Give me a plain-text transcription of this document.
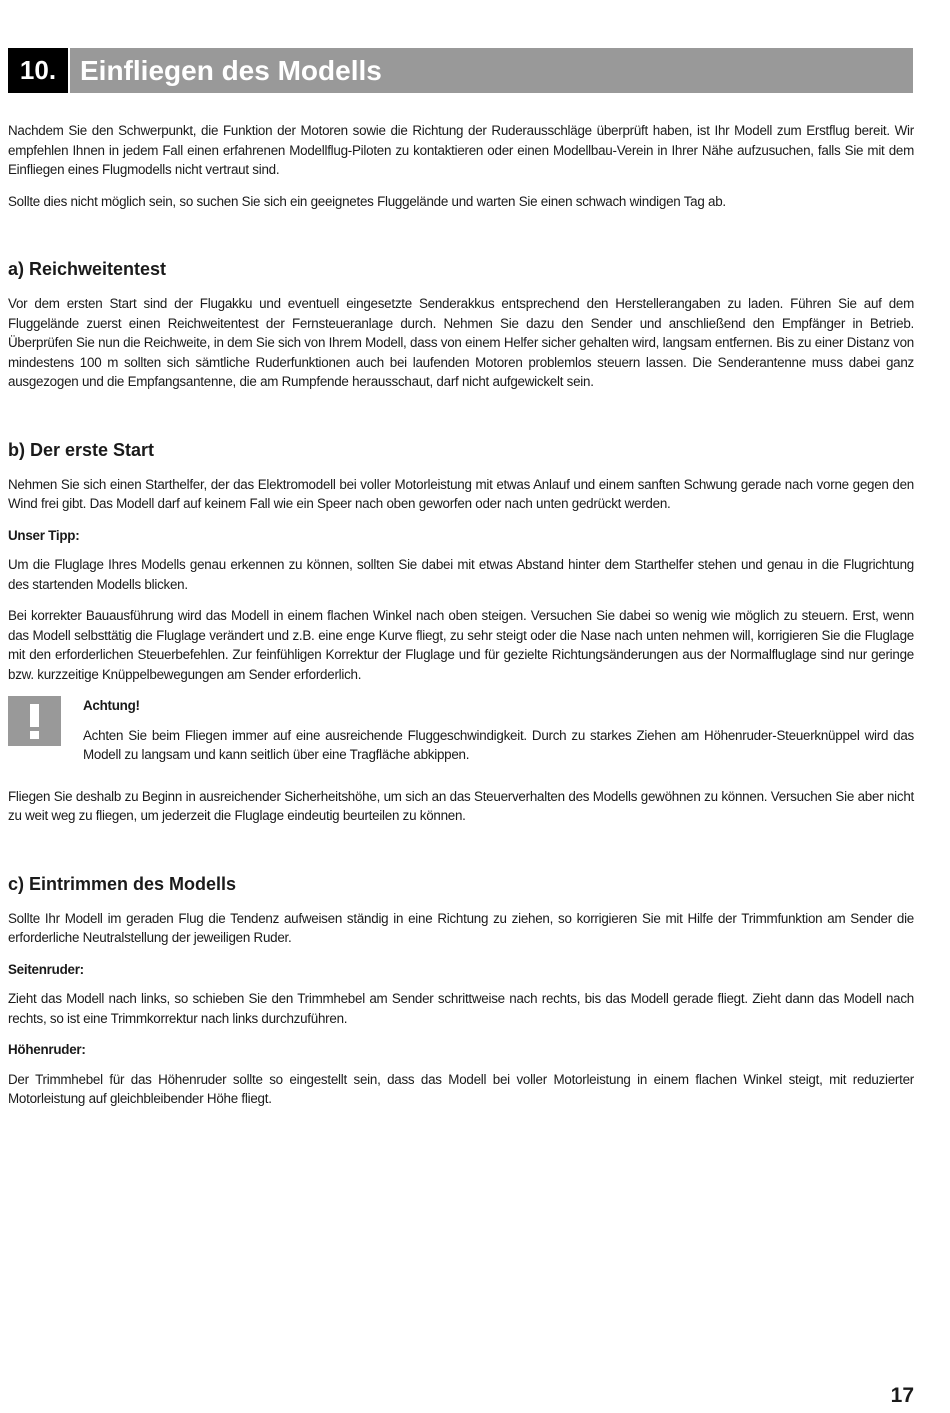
10. Einfliegen des Modells

Nachdem Sie den Schwerpunkt, die Funktion der Motoren sowie die Richtung der Ruderausschläge überprüft haben, ist Ihr Modell zum Erstflug bereit. Wir empfehlen Ihnen in jedem Fall einen erfahrenen Modellflug-Piloten zu kontaktieren oder einen Modellbau-Verein in Ihrer Nähe aufzusuchen, falls Sie mit dem Einfliegen eines Flugmodells nicht vertraut sind.

Sollte dies nicht möglich sein, so suchen Sie sich ein geeignetes Fluggelände und warten Sie einen schwach windigen Tag ab.

a) Reichweitentest

Vor dem ersten Start sind der Flugakku und eventuell eingesetzte Senderakkus entsprechend den Herstellerangaben zu laden. Führen Sie auf dem Fluggelände zuerst einen Reichweitentest der Fernsteueranlage durch. Nehmen Sie dazu den Sender und anschließend den Empfänger in Betrieb. Überprüfen Sie nun die Reichweite, in dem Sie sich von Ihrem Modell, dass von einem Helfer sicher gehalten wird, langsam entfernen. Bis zu einer Distanz von mindestens 100 m sollten sich sämtliche Ruderfunktionen auch bei laufenden Motoren problemlos steuern lassen. Die Senderantenne muss dabei ganz ausgezogen und die Empfangsantenne, die am Rumpfende herausschaut, darf nicht aufgewickelt sein.

b) Der erste Start

Nehmen Sie sich einen Starthelfer, der das Elektromodell bei voller Motorleistung mit etwas Anlauf und einem sanften Schwung gerade nach vorne gegen den Wind frei gibt. Das Modell darf auf keinem Fall wie ein Speer nach oben geworfen oder nach unten gedrückt werden.

Unser Tipp:

Um die Fluglage Ihres Modells genau erkennen zu können, sollten Sie dabei mit etwas Abstand hinter dem Starthelfer stehen und genau in die Flugrichtung des startenden Modells blicken.

Bei korrekter Bauausführung wird das Modell in einem flachen Winkel nach oben steigen. Versuchen Sie dabei so wenig wie möglich zu steuern. Erst, wenn das Modell selbsttätig die Fluglage verändert und z.B. eine enge Kurve fliegt, zu sehr steigt oder die Nase nach unten nehmen will, korrigieren Sie die Fluglage mit den erforderlichen Steuerbefehlen. Zur feinfühligen Korrektur der Fluglage und für gezielte Richtungsänderungen aus der Normalfluglage sind nur geringe bzw. kurzzeitige Knüppelbewegungen am Sender erforderlich.

Achtung!

Achten Sie beim Fliegen immer auf eine ausreichende Fluggeschwindigkeit. Durch zu starkes Ziehen am Höhenruder-Steuerknüppel wird das Modell zu langsam und kann seitlich über eine Tragfläche abkippen.

Fliegen Sie deshalb zu Beginn in ausreichender Sicherheitshöhe, um sich an das Steuerverhalten des Modells gewöhnen zu können. Versuchen Sie aber nicht zu weit weg zu fliegen, um jederzeit die Fluglage eindeutig beurteilen zu können.

c) Eintrimmen des Modells

Sollte Ihr Modell im geraden Flug die Tendenz aufweisen ständig in eine Richtung zu ziehen, so korrigieren Sie mit Hilfe der Trimmfunktion am Sender die erforderliche Neutralstellung der jeweiligen Ruder.

Seitenruder:

Zieht das Modell nach links, so schieben Sie den Trimmhebel am Sender schrittweise nach rechts, bis das Modell gerade fliegt. Zieht dann das Modell nach rechts, so ist eine Trimmkorrektur nach links durchzuführen.

Höhenruder:

Der Trimmhebel für das Höhenruder sollte so eingestellt sein, dass das Modell bei voller Motorleistung in einem flachen Winkel steigt, mit reduzierter Motorleistung auf gleichbleibender Höhe fliegt.

17
